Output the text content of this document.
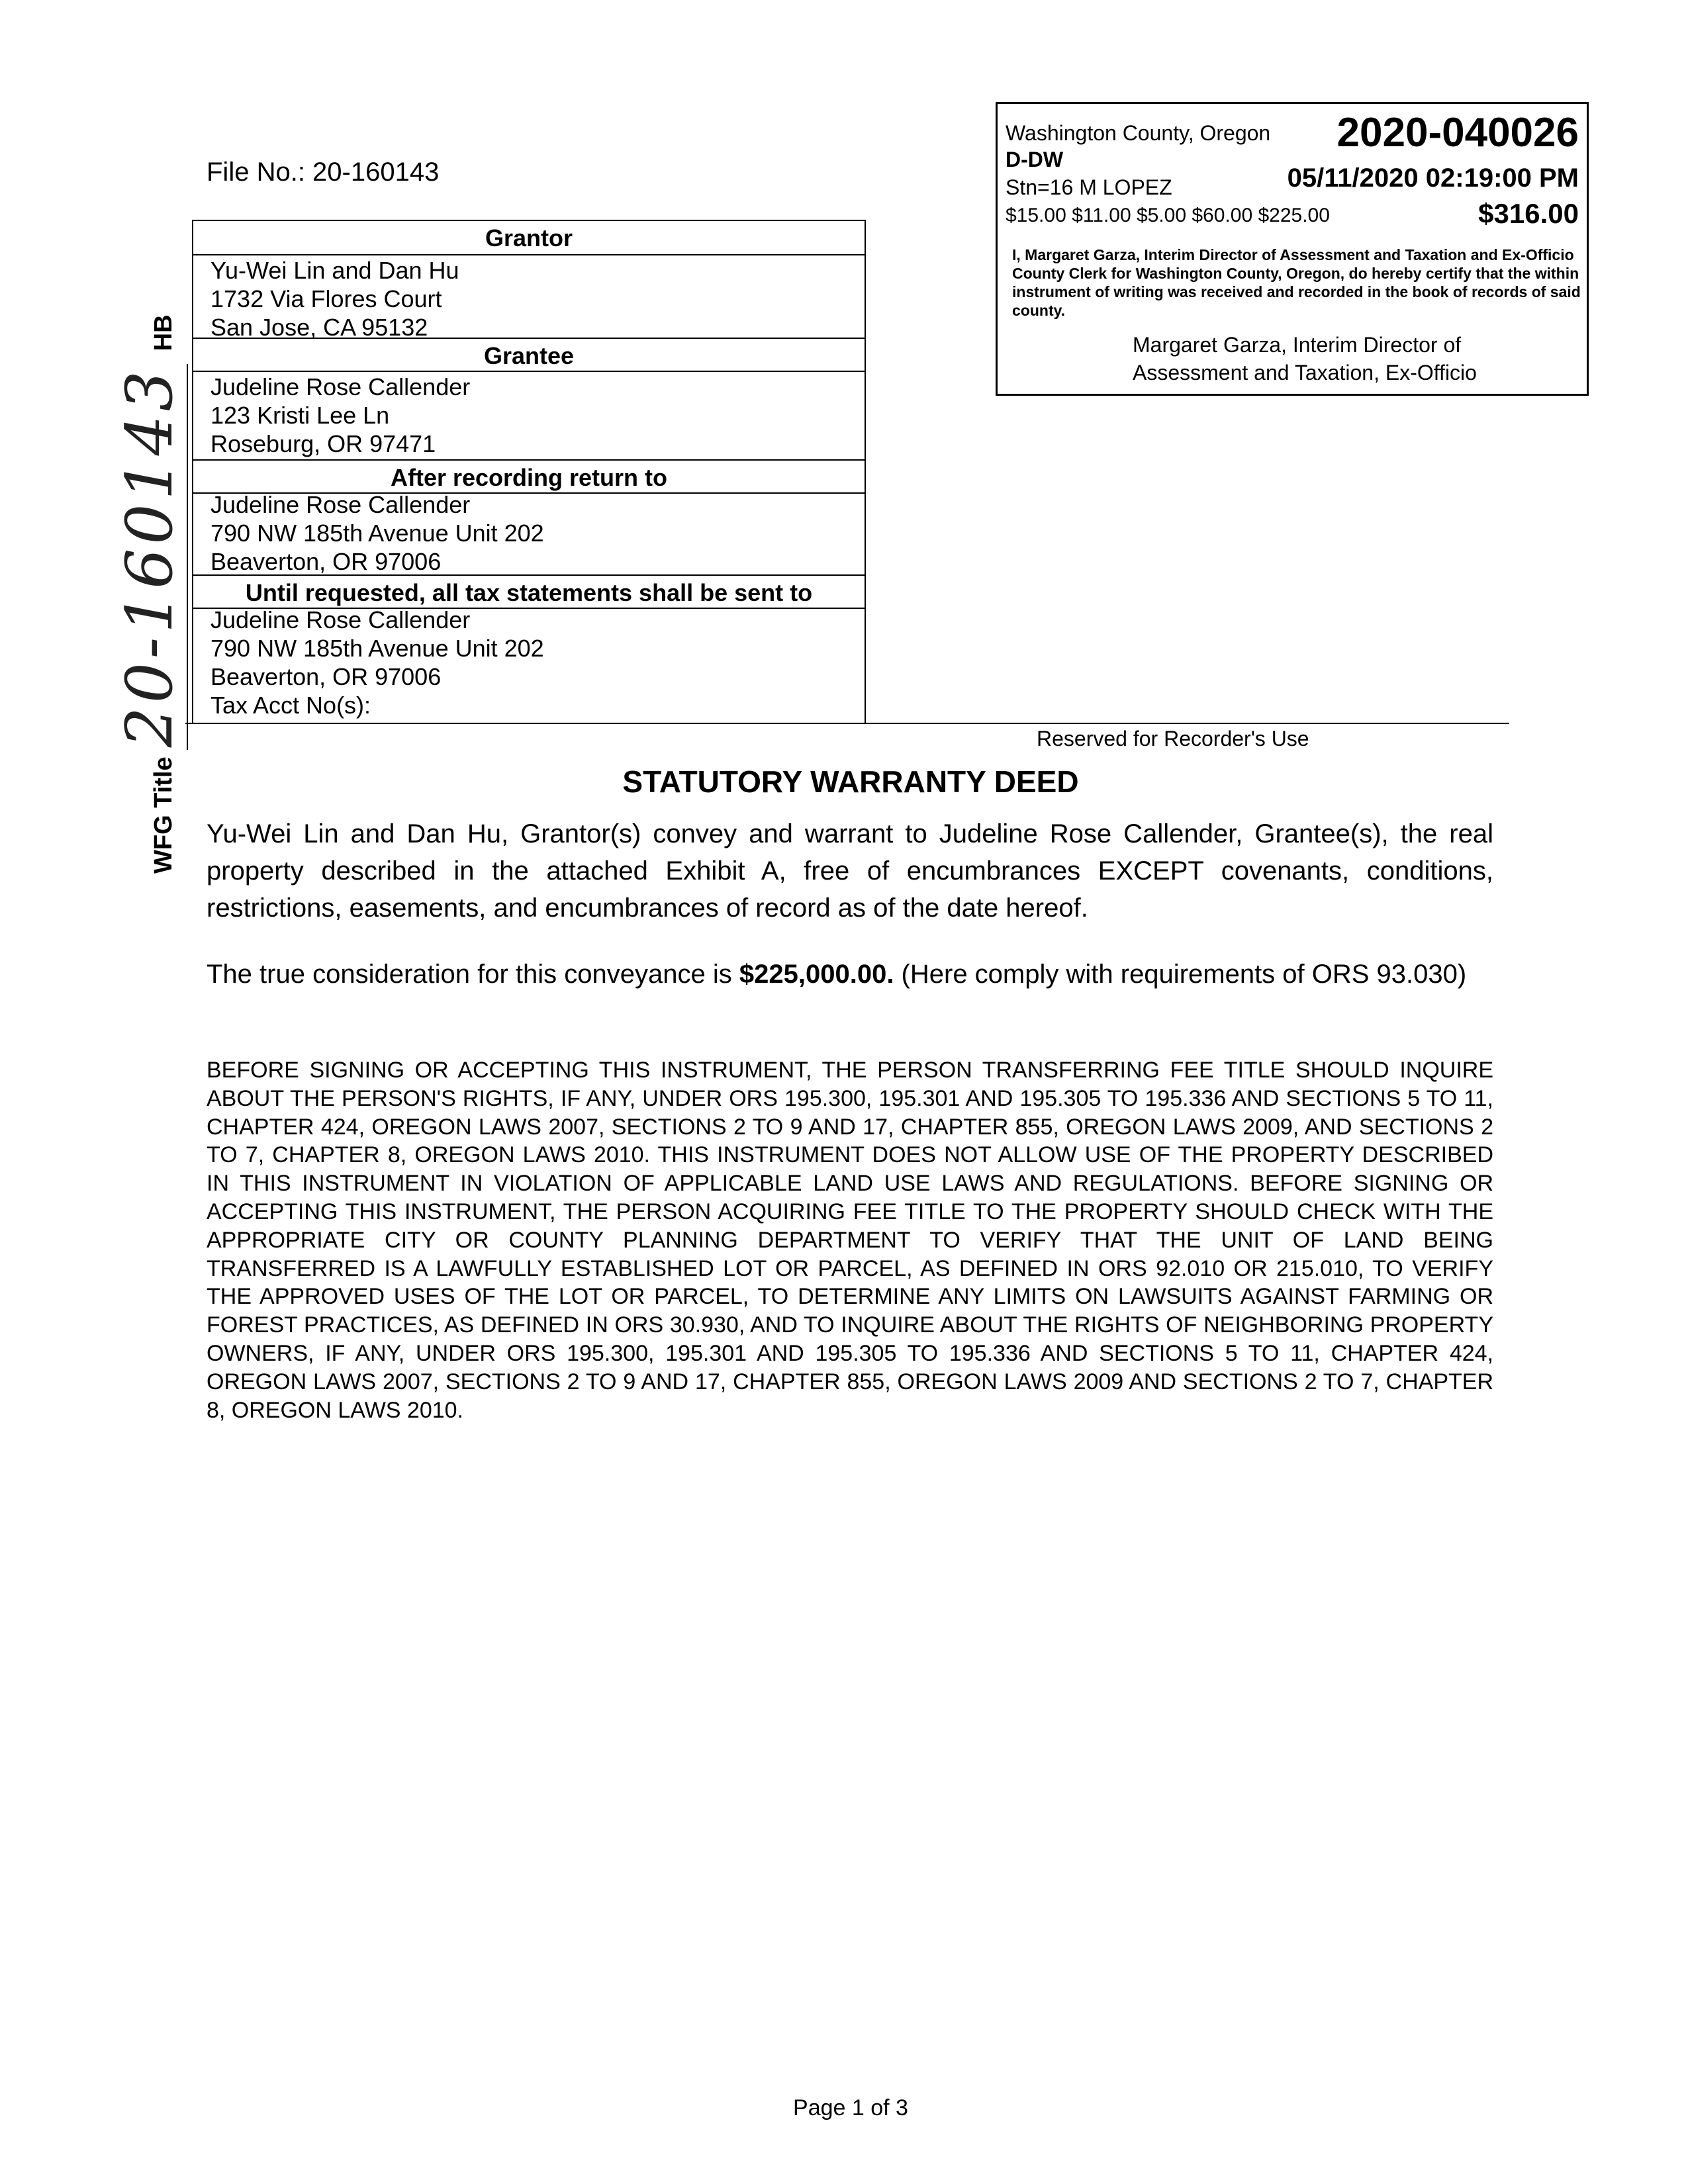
File No.: 20-160143
Grantor
Yu-Wei Lin and Dan Hu
1732 Via Flores Court
San Jose, CA 95132
Grantee
Judeline Rose Callender
123 Kristi Lee Ln
Roseburg, OR 97471
After recording return to
Judeline Rose Callender
790 NW 185th Avenue Unit 202
Beaverton, OR 97006
Until requested, all tax statements shall be sent to
Judeline Rose Callender
790 NW 185th Avenue Unit 202
Beaverton, OR 97006
Tax Acct No(s):
Washington County, Oregon 2020-040026
D-DW
Stn=16 M LOPEZ	05/11/2020 02:19:00 PM
$15.00 $11.00 $5.00 $60.00 $225.00	$316.00
I, Margaret Garza, Interim Director of Assessment and Taxation and Ex-Officio County Clerk for Washington County, Oregon, do hereby certify that the within instrument of writing was received and recorded in the book of records of said county.
Margaret Garza, Interim Director of
Assessment and Taxation, Ex-Officio
Reserved for Recorder's Use
STATUTORY WARRANTY DEED
Yu-Wei Lin and Dan Hu, Grantor(s) convey and warrant to Judeline Rose Callender, Grantee(s), the real property described in the attached Exhibit A, free of encumbrances EXCEPT covenants, conditions, restrictions, easements, and encumbrances of record as of the date hereof.
The true consideration for this conveyance is $225,000.00. (Here comply with requirements of ORS 93.030)
BEFORE SIGNING OR ACCEPTING THIS INSTRUMENT, THE PERSON TRANSFERRING FEE TITLE SHOULD INQUIRE ABOUT THE PERSON'S RIGHTS, IF ANY, UNDER ORS 195.300, 195.301 AND 195.305 TO 195.336 AND SECTIONS 5 TO 11, CHAPTER 424, OREGON LAWS 2007, SECTIONS 2 TO 9 AND 17, CHAPTER 855, OREGON LAWS 2009, AND SECTIONS 2 TO 7, CHAPTER 8, OREGON LAWS 2010. THIS INSTRUMENT DOES NOT ALLOW USE OF THE PROPERTY DESCRIBED IN THIS INSTRUMENT IN VIOLATION OF APPLICABLE LAND USE LAWS AND REGULATIONS. BEFORE SIGNING OR ACCEPTING THIS INSTRUMENT, THE PERSON ACQUIRING FEE TITLE TO THE PROPERTY SHOULD CHECK WITH THE APPROPRIATE CITY OR COUNTY PLANNING DEPARTMENT TO VERIFY THAT THE UNIT OF LAND BEING TRANSFERRED IS A LAWFULLY ESTABLISHED LOT OR PARCEL, AS DEFINED IN ORS 92.010 OR 215.010, TO VERIFY THE APPROVED USES OF THE LOT OR PARCEL, TO DETERMINE ANY LIMITS ON LAWSUITS AGAINST FARMING OR FOREST PRACTICES, AS DEFINED IN ORS 30.930, AND TO INQUIRE ABOUT THE RIGHTS OF NEIGHBORING PROPERTY OWNERS, IF ANY, UNDER ORS 195.300, 195.301 AND 195.305 TO 195.336 AND SECTIONS 5 TO 11, CHAPTER 424, OREGON LAWS 2007, SECTIONS 2 TO 9 AND 17, CHAPTER 855, OREGON LAWS 2009 AND SECTIONS 2 TO 7, CHAPTER 8, OREGON LAWS 2010.
WFG Title20-160143HB
Page 1 of 3
